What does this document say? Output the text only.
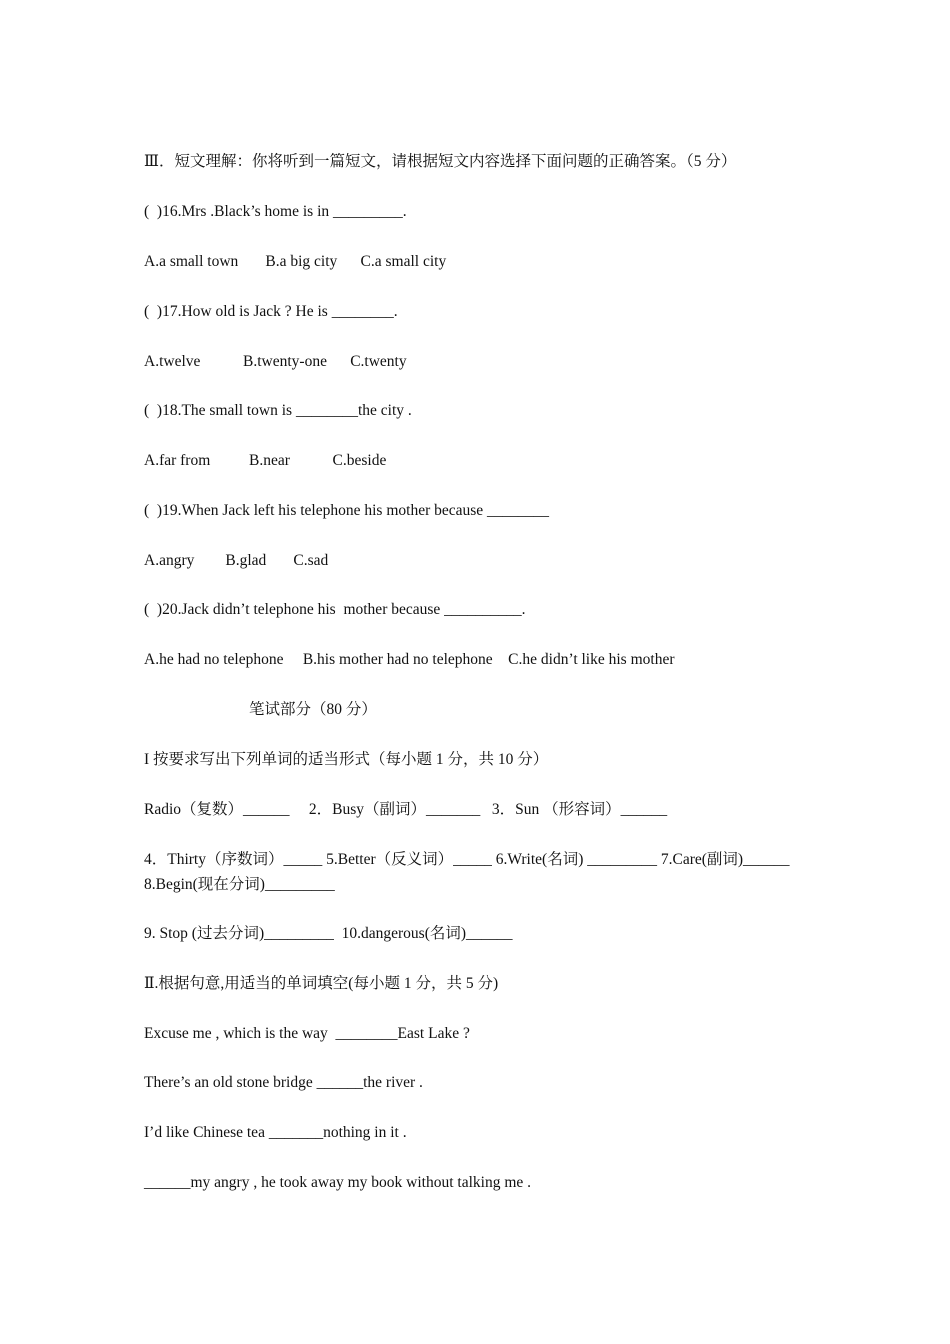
Ⅲ．短文理解：你将听到一篇短文，请根据短文内容选择下面问题的正确答案。（5 分）
(  )16.Mrs .Black’s home is in _________.
A.a small town       B.a big city      C.a small city
(  )17.How old is Jack ? He is ________.
A.twelve           B.twenty-one      C.twenty
(  )18.The small town is ________the city .
A.far from          B.near           C.beside
(  )19.When Jack left his telephone his mother because ________
A.angry        B.glad       C.sad
(  )20.Jack didn’t telephone his  mother because __________.
A.he had no telephone     B.his mother had no telephone    C.he didn’t like his mother
笔试部分（80 分）
I 按要求写出下列单词的适当形式（每小题 1 分，共 10 分）
Radio（复数）______     2．Busy（副词）_______   3．Sun （形容词）______
4．Thirty（序数词）_____ 5.Better（反义词）_____ 6.Write(名词) _________ 7.Care(副词)______ 8.Begin(现在分词)_________
9. Stop (过去分词)_________  10.dangerous(名词)______
Ⅱ.根据句意,用适当的单词填空(每小题 1 分，共 5 分)
Excuse me , which is the way  ________East Lake ?
There’s an old stone bridge ______the river .
I’d like Chinese tea _______nothing in it .
______my angry , he took away my book without talking me .
